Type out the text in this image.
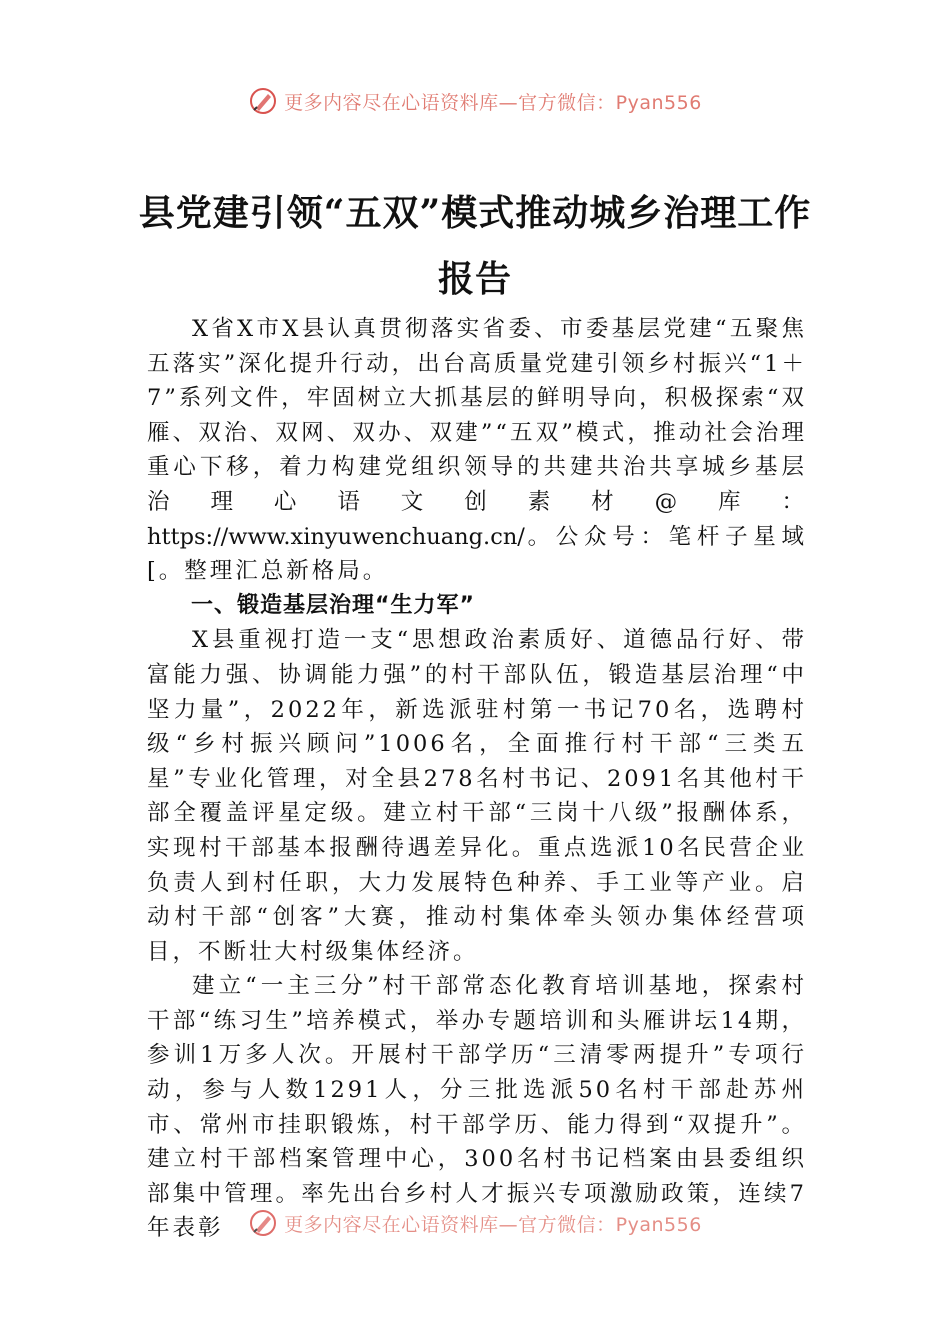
更多内容尽在心语资料库—官方微信：Pyan556
县党建引领“五双”模式推动城乡治理工作报告

X省X市X县认真贯彻落实省委、市委基层党建“五聚焦五落实”深化提升行动，出台高质量党建引领乡村振兴“1＋7”系列文件，牢固树立大抓基层的鲜明导向，积极探索“双雁、双治、双网、双办、双建”“五双”模式，推动社会治理重心下移，着力构建党组织领导的共建共治共享城乡基层治理心语文创素材@库：https://www.xinyuwenchuang.cn/。公众号：笔杆子星域[。整理汇总新格局。

一、锻造基层治理“生力军”

X县重视打造一支“思想政治素质好、道德品行好、带富能力强、协调能力强”的村干部队伍，锻造基层治理“中坚力量”，2022年，新选派驻村第一书记70名，选聘村级“乡村振兴顾问”1006名，全面推行村干部“三类五星”专业化管理，对全县278名村书记、2091名其他村干部全覆盖评星定级。建立村干部“三岗十八级”报酬体系，实现村干部基本报酬待遇差异化。重点选派10名民营企业负责人到村任职，大力发展特色种养、手工业等产业。启动村干部“创客”大赛，推动村集体牵头领办集体经营项目，不断壮大村级集体经济。

建立“一主三分”村干部常态化教育培训基地，探索村干部“练习生”培养模式，举办专题培训和头雁讲坛14期，参训1万多人次。开展村干部学历“三清零两提升”专项行动，参与人数1291人，分三批选派50名村干部赴苏州市、常州市挂职锻炼，村干部学历、能力得到“双提升”。建立村干部档案管理中心，300名村书记档案由县委组织部集中管理。率先出台乡村人才振兴专项激励政策，连续7年表彰	更多内容尽在心语资料库—官方微信：Pyan556
